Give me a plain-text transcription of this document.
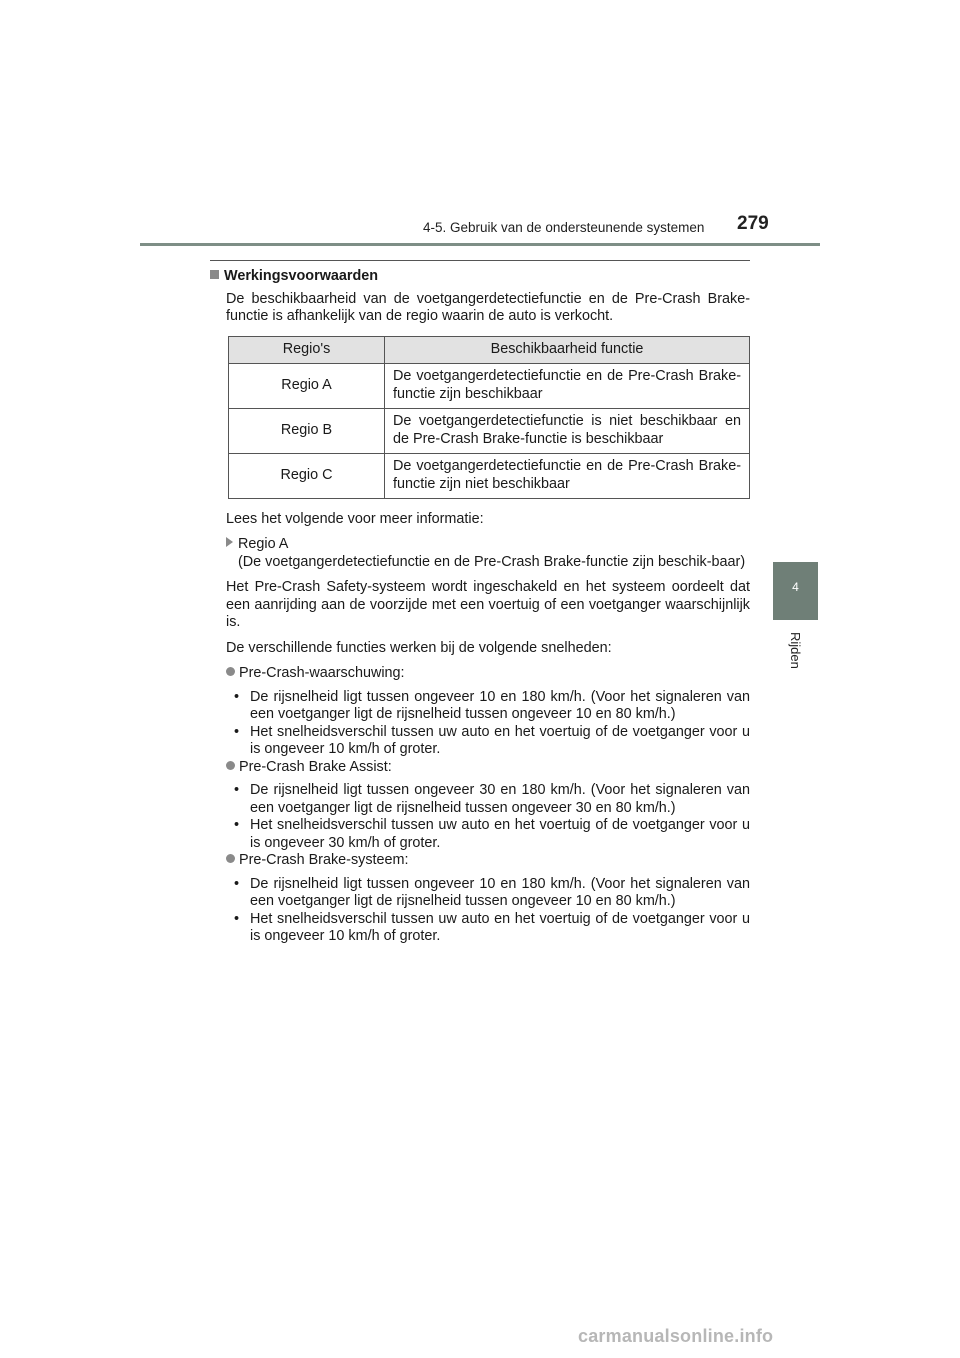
4-5. Gebruik van de ondersteunende systemen 279
4
Rijden

Werkingsvoorwaarden

De beschikbaarheid van de voetgangerdetectiefunctie en de Pre-Crash Brake-functie is afhankelijk van de regio waarin de auto is verkocht.

Regio's	Beschikbaarheid functie
Regio A	De voetgangerdetectiefunctie en de Pre-Crash Brake-functie zijn beschikbaar
Regio B	De voetgangerdetectiefunctie is niet beschikbaar en de Pre-Crash Brake-functie is beschikbaar
Regio C	De voetgangerdetectiefunctie en de Pre-Crash Brake-functie zijn niet beschikbaar

Lees het volgende voor meer informatie:

Regio A

(De voetgangerdetectiefunctie en de Pre-Crash Brake-functie zijn beschik-baar)

Het Pre-Crash Safety-systeem wordt ingeschakeld en het systeem oordeelt dat een aanrijding aan de voorzijde met een voertuig of een voetganger waarschijnlijk is.

De verschillende functies werken bij de volgende snelheden:

Pre-Crash-waarschuwing:

• De rijsnelheid ligt tussen ongeveer 10 en 180 km/h. (Voor het signaleren van een voetganger ligt de rijsnelheid tussen ongeveer 10 en 80 km/h.)
• Het snelheidsverschil tussen uw auto en het voertuig of de voetganger voor u is ongeveer 10 km/h of groter.

Pre-Crash Brake Assist:

• De rijsnelheid ligt tussen ongeveer 30 en 180 km/h. (Voor het signaleren van een voetganger ligt de rijsnelheid tussen ongeveer 30 en 80 km/h.)
• Het snelheidsverschil tussen uw auto en het voertuig of de voetganger voor u is ongeveer 30 km/h of groter.

Pre-Crash Brake-systeem:

• De rijsnelheid ligt tussen ongeveer 10 en 180 km/h. (Voor het signaleren van een voetganger ligt de rijsnelheid tussen ongeveer 10 en 80 km/h.)
• Het snelheidsverschil tussen uw auto en het voertuig of de voetganger voor u is ongeveer 10 km/h of groter.
carmanualsonline.info
